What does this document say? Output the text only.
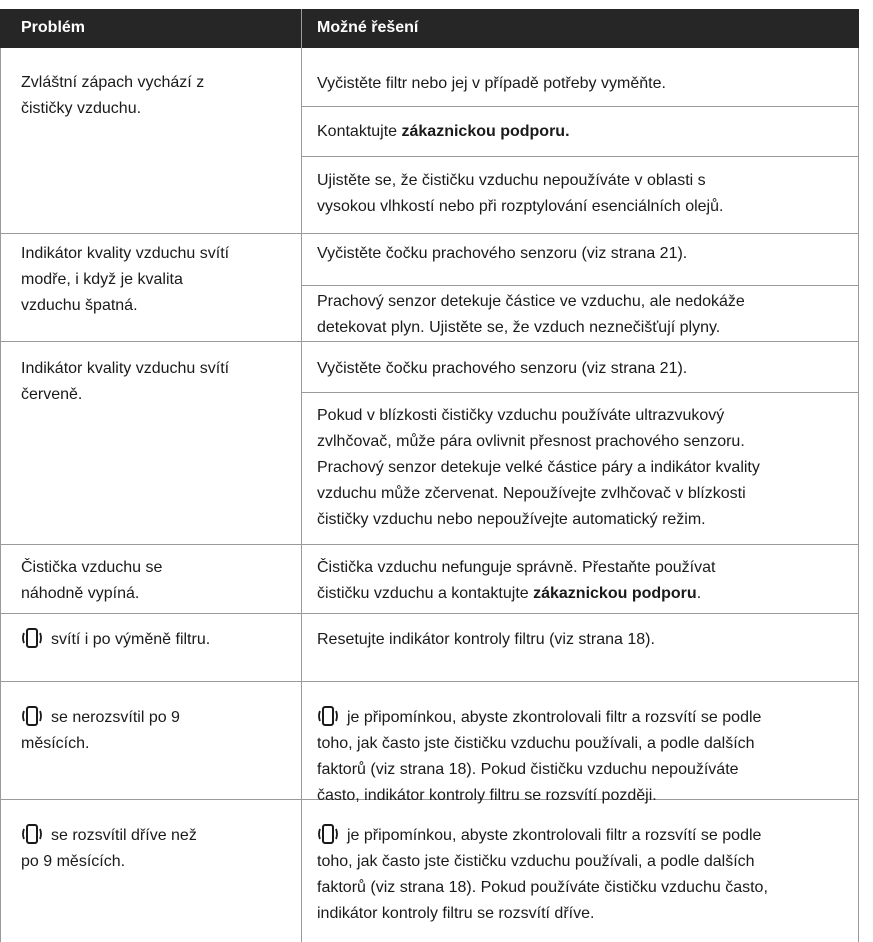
Problém	Možné řešení
Zvláštní zápach vychází z
čističky vzduchu.
Vyčistěte filtr nebo jej v případě potřeby vyměňte.
Kontaktujte zákaznickou podporu.
Ujistěte se, že čističku vzduchu nepoužíváte v oblasti s
vysokou vlhkostí nebo při rozptylování esenciálních olejů.
Indikátor kvality vzduchu svítí
modře, i když je kvalita
vzduchu špatná.
Vyčistěte čočku prachového senzoru (viz strana 21).
Prachový senzor detekuje částice ve vzduchu, ale nedokáže
detekovat plyn. Ujistěte se, že vzduch neznečišťují plyny.
Indikátor kvality vzduchu svítí
červeně.
Vyčistěte čočku prachového senzoru (viz strana 21).
Pokud v blízkosti čističky vzduchu používáte ultrazvukový
zvlhčovač, může pára ovlivnit přesnost prachového senzoru.
Prachový senzor detekuje velké částice páry a indikátor kvality
vzduchu může zčervenat. Nepoužívejte zvlhčovač v blízkosti
čističky vzduchu nebo nepoužívejte automatický režim.
Čistička vzduchu se
náhodně vypíná.
Čistička vzduchu nefunguje správně. Přestaňte používat
čističku vzduchu a kontaktujte zákaznickou podporu.
svítí i po výměně filtru.	Resetujte indikátor kontroly filtru (viz strana 18).
se nerozsvítil po 9
měsících.
je připomínkou, abyste zkontrolovali filtr a rozsvítí se podle
toho, jak často jste čističku vzduchu používali, a podle dalších
faktorů (viz strana 18). Pokud čističku vzduchu nepoužíváte
často, indikátor kontroly filtru se rozsvítí později.
se rozsvítil dříve než
po 9 měsících.
je připomínkou, abyste zkontrolovali filtr a rozsvítí se podle
toho, jak často jste čističku vzduchu používali, a podle dalších
faktorů (viz strana 18). Pokud používáte čističku vzduchu často,
indikátor kontroly filtru se rozsvítí dříve.
